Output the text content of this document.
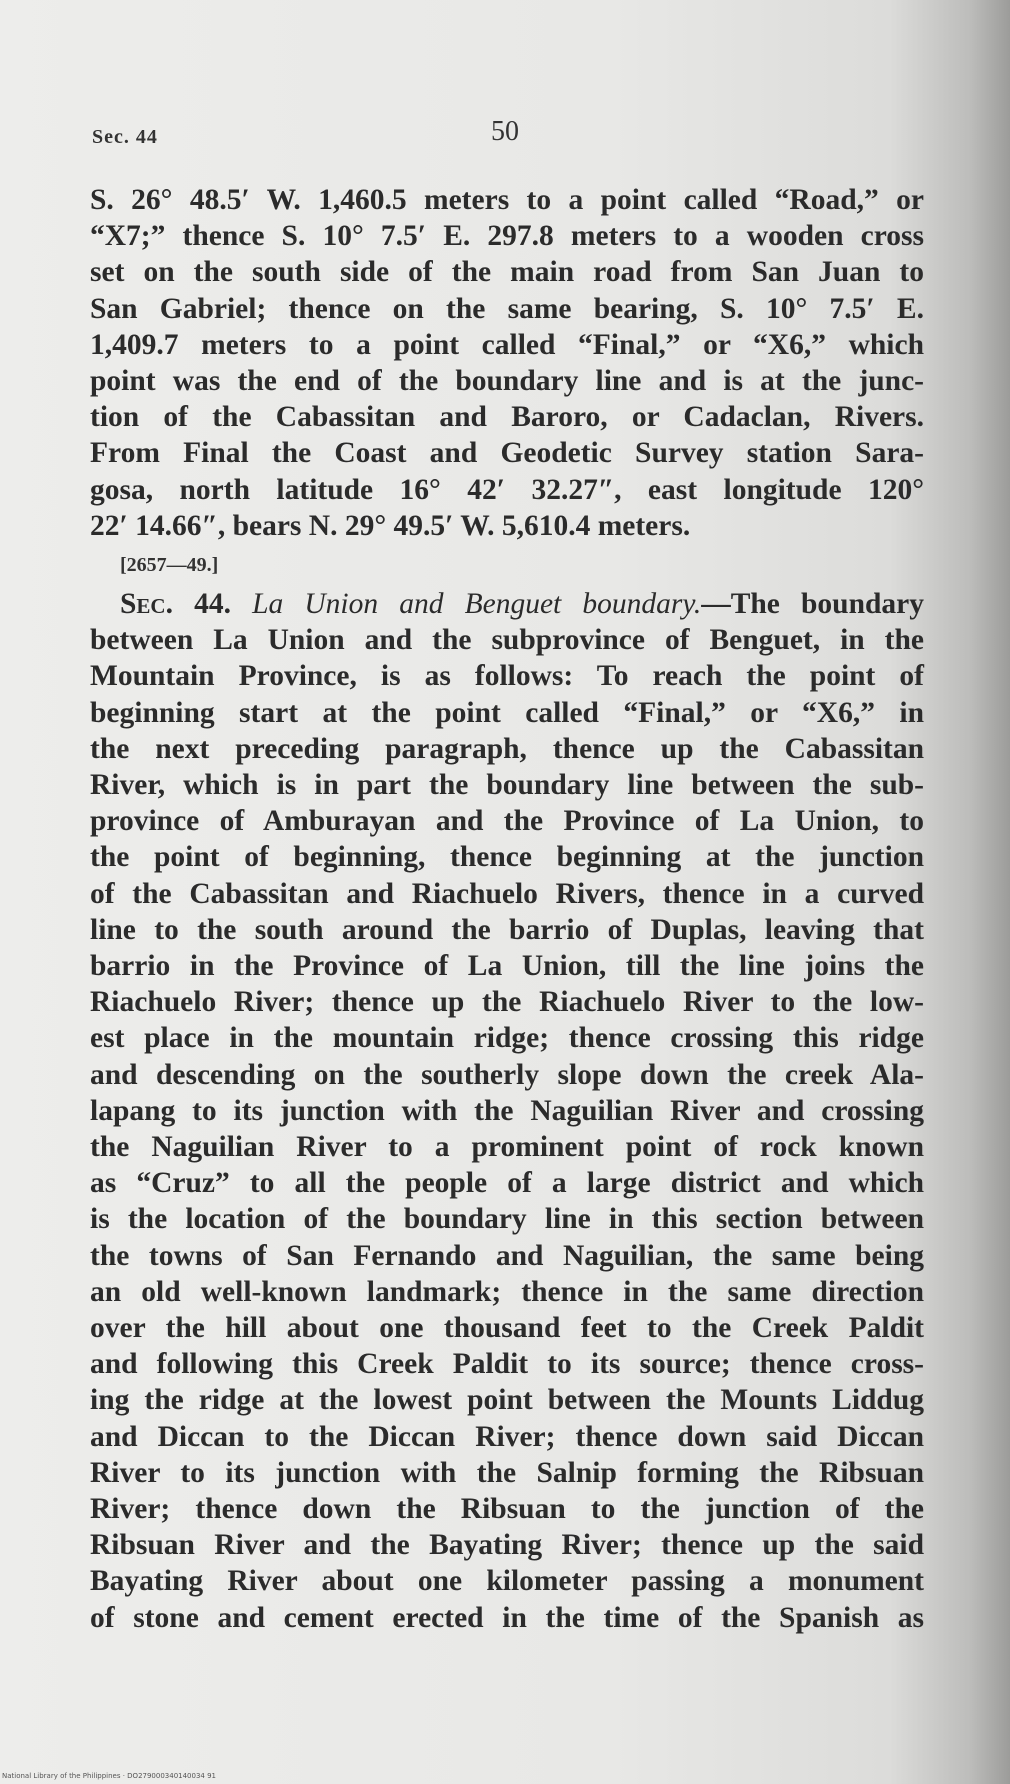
Sec. 44	50
S. 26° 48.5′ W. 1,460.5 meters to a point called “Road,” or
“X7;” thence S. 10° 7.5′ E. 297.8 meters to a wooden cross
set on the south side of the main road from San Juan to
San Gabriel; thence on the same bearing, S. 10° 7.5′ E.
1,409.7 meters to a point called “Final,” or “X6,” which
point was the end of the boundary line and is at the junc-
tion of the Cabassitan and Baroro, or Cadaclan, Rivers.
From Final the Coast and Geodetic Survey station Sara-
gosa, north latitude 16° 42′ 32.27″, east longitude 120°
22′ 14.66″, bears N. 29° 49.5′ W. 5,610.4 meters.
[2657—49.]
Sec. 44. La Union and Benguet boundary.—The boundary
between La Union and the subprovince of Benguet, in the
Mountain Province, is as follows: To reach the point of
beginning start at the point called “Final,” or “X6,” in
the next preceding paragraph, thence up the Cabassitan
River, which is in part the boundary line between the sub-
province of Amburayan and the Province of La Union, to
the point of beginning, thence beginning at the junction
of the Cabassitan and Riachuelo Rivers, thence in a curved
line to the south around the barrio of Duplas, leaving that
barrio in the Province of La Union, till the line joins the
Riachuelo River; thence up the Riachuelo River to the low-
est place in the mountain ridge; thence crossing this ridge
and descending on the southerly slope down the creek Ala-
lapang to its junction with the Naguilian River and crossing
the Naguilian River to a prominent point of rock known
as “Cruz” to all the people of a large district and which
is the location of the boundary line in this section between
the towns of San Fernando and Naguilian, the same being
an old well-known landmark; thence in the same direction
over the hill about one thousand feet to the Creek Paldit
and following this Creek Paldit to its source; thence cross-
ing the ridge at the lowest point between the Mounts Liddug
and Diccan to the Diccan River; thence down said Diccan
River to its junction with the Salnip forming the Ribsuan
River; thence down the Ribsuan to the junction of the
Ribsuan River and the Bayating River; thence up the said
Bayating River about one kilometer passing a monument
of stone and cement erected in the time of the Spanish as
National Library of the Philippines · DO279000340140034 91
